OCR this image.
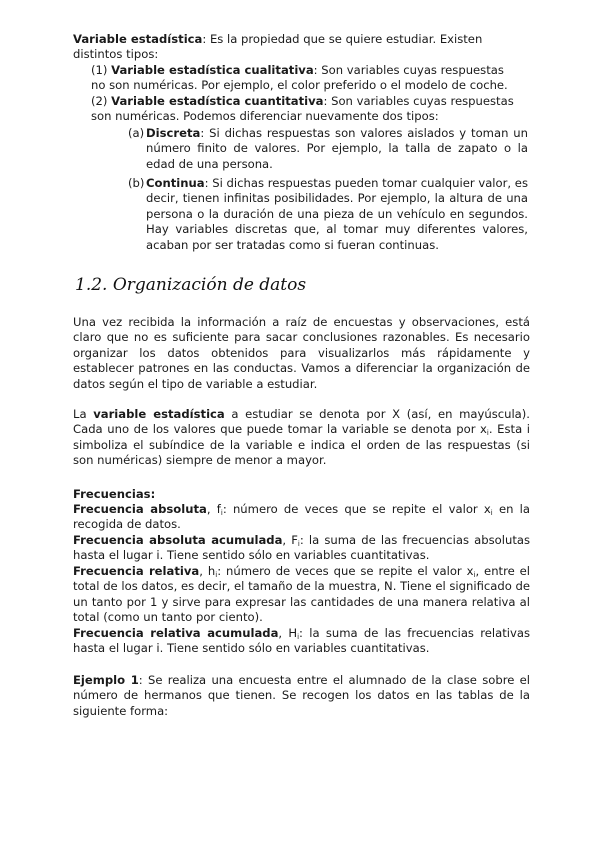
Variable estadística: Es la propiedad que se quiere estudiar. Existen distintos tipos:

(1) Variable estadística cualitativa: Son variables cuyas respuestas no son numéricas. Por ejemplo, el color preferido o el modelo de coche. (2) Variable estadística cuantitativa: Son variables cuyas respuestas son numéricas. Podemos diferenciar nuevamente dos tipos:

(a) Discreta: Si dichas respuestas son valores aislados y toman un número finito de valores. Por ejemplo, la talla de zapato o la edad de una persona.

(b) Continua: Si dichas respuestas pueden tomar cualquier valor, es decir, tienen infinitas posibilidades. Por ejemplo, la altura de una persona o la duración de una pieza de un vehículo en segundos. Hay variables discretas que, al tomar muy diferentes valores, acaban por ser tratadas como si fueran continuas.

1.2. Organización de datos

Una vez recibida la información a raíz de encuestas y observaciones, está claro que no es suficiente para sacar conclusiones razonables. Es necesario organizar los datos obtenidos para visualizarlos más rápidamente y establecer patrones en las conductas. Vamos a diferenciar la organización de datos según el tipo de variable a estudiar.

La variable estadística a estudiar se denota por X (así, en mayúscula). Cada uno de los valores que puede tomar la variable se denota por $x_i$. Esta i simboliza el subíndice de la variable e indica el orden de las respuestas (si son numéricas) siempre de menor a mayor.

Frecuencias:

Frecuencia absoluta, $f_i$: número de veces que se repite el valor $x_i$ en la recogida de datos.

Frecuencia absoluta acumulada, $F_i$: la suma de las frecuencias absolutas hasta el lugar i. Tiene sentido sólo en variables cuantitativas.

Frecuencia relativa, $h_i$: número de veces que se repite el valor $x_i$, entre el total de los datos, es decir, el tamaño de la muestra, N. Tiene el significado de un tanto por 1 y sirve para expresar las cantidades de una manera relativa al total (como un tanto por ciento).

Frecuencia relativa acumulada, $H_i$: la suma de las frecuencias relativas hasta el lugar i. Tiene sentido sólo en variables cuantitativas.

Ejemplo 1: Se realiza una encuesta entre el alumnado de la clase sobre el número de hermanos que tienen. Se recogen los datos en las tablas de la siguiente forma:
